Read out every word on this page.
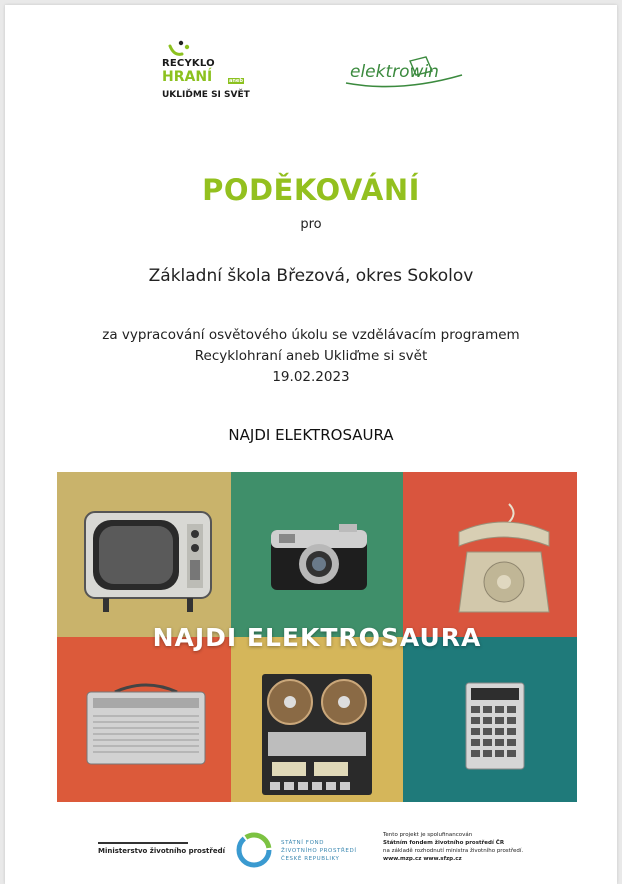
RECYKLO
HRANÍ	aneb
UKLIĎME SI SVĚT
elektrowin
PODĚKOVÁNÍ
pro
Základní škola Březová, okres Sokolov
za vypracování osvětového úkolu se vzdělávacím programem
Recyklohraní aneb Ukliďme si svět
19.02.2023
NAJDI ELEKTROSAURA
NAJDI ELEKTROSAURA
Ministerstvo životního prostředí
STÁTNÍ FOND
ŽIVOTNÍHO PROSTŘEDÍ
ČESKÉ REPUBLIKY
Tento projekt je spolufinancován
Státním fondem životního prostředí ČR
na základě rozhodnutí ministra životního prostředí.
www.mzp.cz www.sfzp.cz
